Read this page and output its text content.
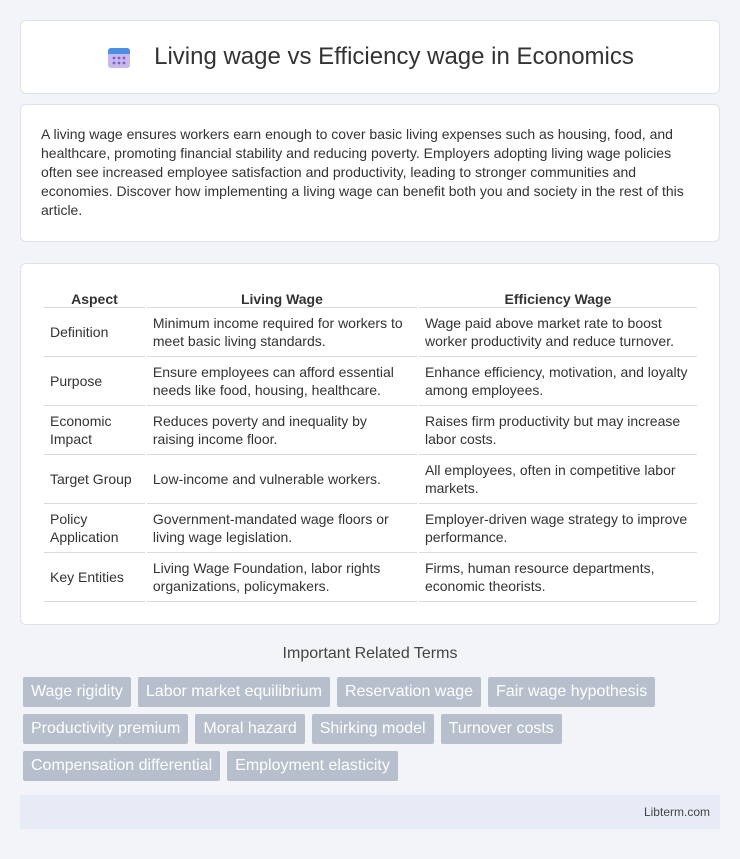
Living wage vs Efficiency wage in Economics

A living wage ensures workers earn enough to cover basic living expenses such as housing, food, and healthcare, promoting financial stability and reducing poverty. Employers adopting living wage policies often see increased employee satisfaction and productivity, leading to stronger communities and economies. Discover how implementing a living wage can benefit both you and society in the rest of this article.

Aspect	Living Wage	Efficiency Wage
Definition	Minimum income required for workers to meet basic living standards.	Wage paid above market rate to boost worker productivity and reduce turnover.
Purpose	Ensure employees can afford essential needs like food, housing, healthcare.	Enhance efficiency, motivation, and loyalty among employees.
Economic Impact	Reduces poverty and inequality by raising income floor.	Raises firm productivity but may increase labor costs.
Target Group	Low-income and vulnerable workers.	All employees, often in competitive labor markets.
Policy Application	Government-mandated wage floors or living wage legislation.	Employer-driven wage strategy to improve performance.
Key Entities	Living Wage Foundation, labor rights organizations, policymakers.	Firms, human resource departments, economic theorists.
Important Related Terms
Wage rigidity	Labor market equilibrium	Reservation wage	Fair wage hypothesis
Productivity premium	Moral hazard	Shirking model	Turnover costs
Compensation differential	Employment elasticity
Libterm.com
